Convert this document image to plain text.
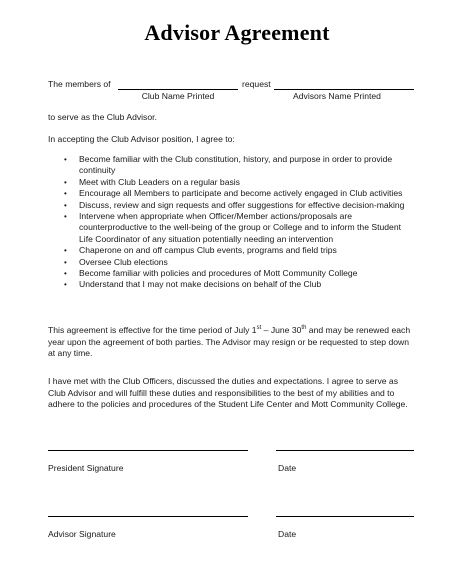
Advisor Agreement
The members of	request
Club Name Printed	Advisors Name Printed
to serve as the Club Advisor.
In accepting the Club Advisor position, I agree to:
• Become familiar with the Club constitution, history, and purpose in order to provide
continuity
• Meet with Club Leaders on a regular basis
• Encourage all Members to participate and become actively engaged in Club activities
• Discuss, review and sign requests and offer suggestions for effective decision-making
• Intervene when appropriate when Officer/Member actions/proposals are
counterproductive to the well-being of the group or College and to inform the Student
Life Coordinator of any situation potentially needing an intervention
• Chaperone on and off campus Club events, programs and field trips
• Oversee Club elections
• Become familiar with policies and procedures of Mott Community College
• Understand that I may not make decisions on behalf of the Club

This agreement is effective for the time period of July 1st – June 30th and may be renewed each
year upon the agreement of both parties. The Advisor may resign or be requested to step down
at any time.

I have met with the Club Officers, discussed the duties and expectations. I agree to serve as
Club Advisor and will fulfill these duties and responsibilities to the best of my abilities and to
adhere to the policies and procedures of the Student Life Center and Mott Community College.

President Signature	Date
Advisor Signature	Date
